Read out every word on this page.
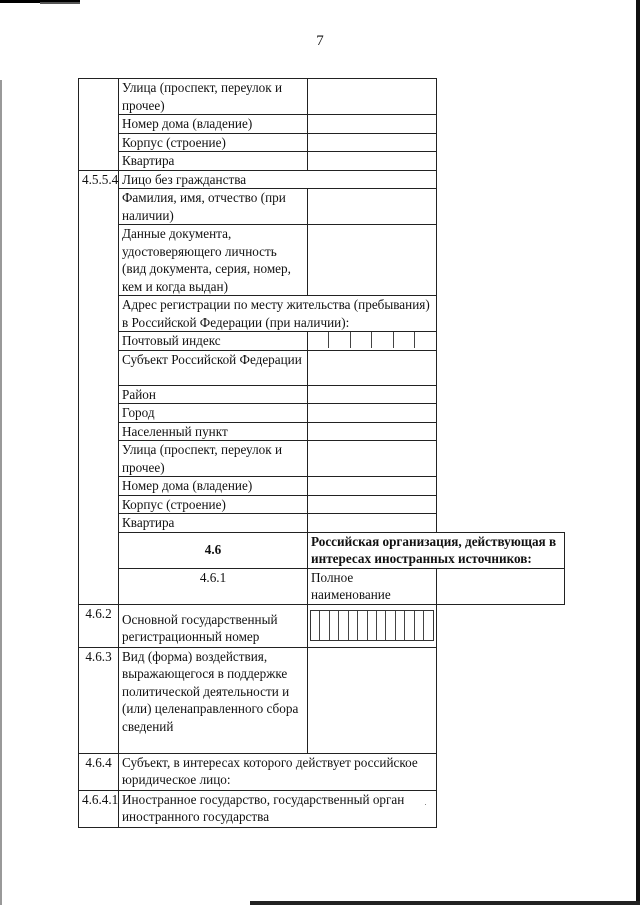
7
	Улица (проспект, переулок и прочее)		
	Номер дома (владение)		
	Корпус (строение)		
	Квартира		
4.5.5.4	Лицо без гражданства		
	Фамилия, имя, отчество (при наличии)		
	Данные документа, удостоверяющего личность (вид документа, серия, номер, кем и когда выдан)		
	Адрес регистрации по месту жительства (пребывания) в Российской Федерации (при наличии):		
	Почтовый индекс		

	Субъект Российской Федерации		
	Район		
	Город		
	Населенный пункт		
	Улица (проспект, переулок и прочее)		
	Номер дома (владение)		
	Корпус (строение)		
	Квартира		
	4.6	Российская организация, действующая в интересах иностранных источников:	
	4.6.1	Полное наименование	
4.6.2	Основной государственный регистрационный номер		

4.6.3	Вид (форма) воздействия, выражающегося в поддержке политической деятельности и (или) целенаправленного сбора сведений		
4.6.4	Субъект, в интересах которого действует российское юридическое лицо:		
4.6.4.1	Иностранное государство, государственный орган иностранного государства		
